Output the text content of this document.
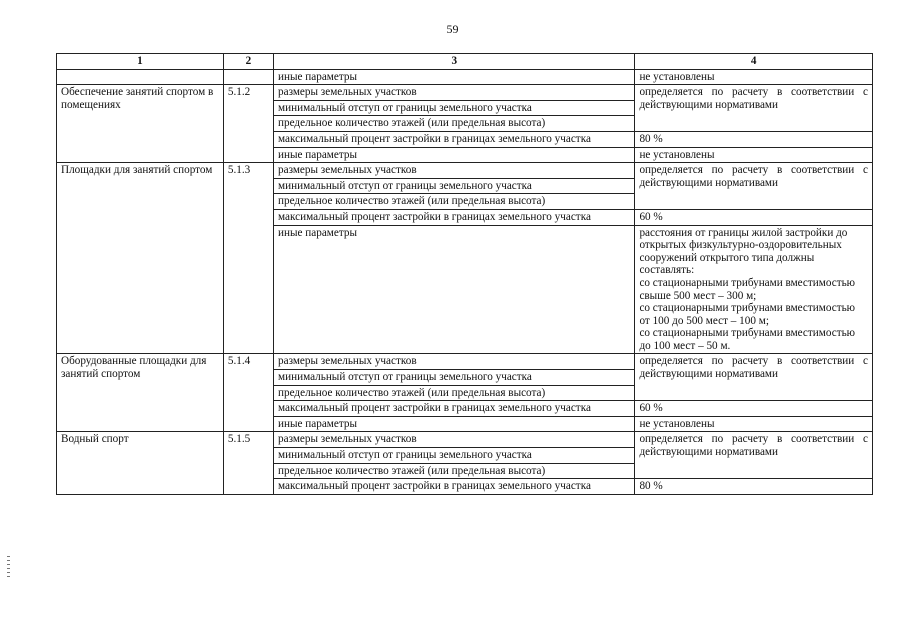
59
1	2	3	4
		иные параметры	не установлены
Обеспечение занятий спортом в помещениях	5.1.2	размеры земельных участков	определяется по расчету в соответствии с действующими нормативами
		минимальный отступ от границы земельного участка	
		предельное количество этажей (или предельная высота)	
		максимальный процент застройки в границах земельного участка	80 %
		иные параметры	не установлены
Площадки для занятий спортом	5.1.3	размеры земельных участков	определяется по расчету в соответствии с действующими нормативами
		минимальный отступ от границы земельного участка	
		предельное количество этажей (или предельная высота)	
		максимальный процент застройки в границах земельного участка	60 %
		иные параметры	расстояния от границы жилой застройки до открытых физкультурно-оздоровительных сооружений открытого типа должны составлять:
со стационарными трибунами вместимостью свыше 500 мест – 300 м;
со стационарными трибунами вместимостью от 100 до 500 мест – 100 м;
со стационарными трибунами вместимостью до 100 мест – 50 м.
Оборудованные площадки для занятий спортом	5.1.4	размеры земельных участков	определяется по расчету в соответствии с действующими нормативами
		минимальный отступ от границы земельного участка	
		предельное количество этажей (или предельная высота)	
		максимальный процент застройки в границах земельного участка	60 %
		иные параметры	не установлены
Водный спорт	5.1.5	размеры земельных участков	определяется по расчету в соответствии с действующими нормативами
		минимальный отступ от границы земельного участка	
		предельное количество этажей (или предельная высота)	
		максимальный процент застройки в границах земельного участка	80 %
